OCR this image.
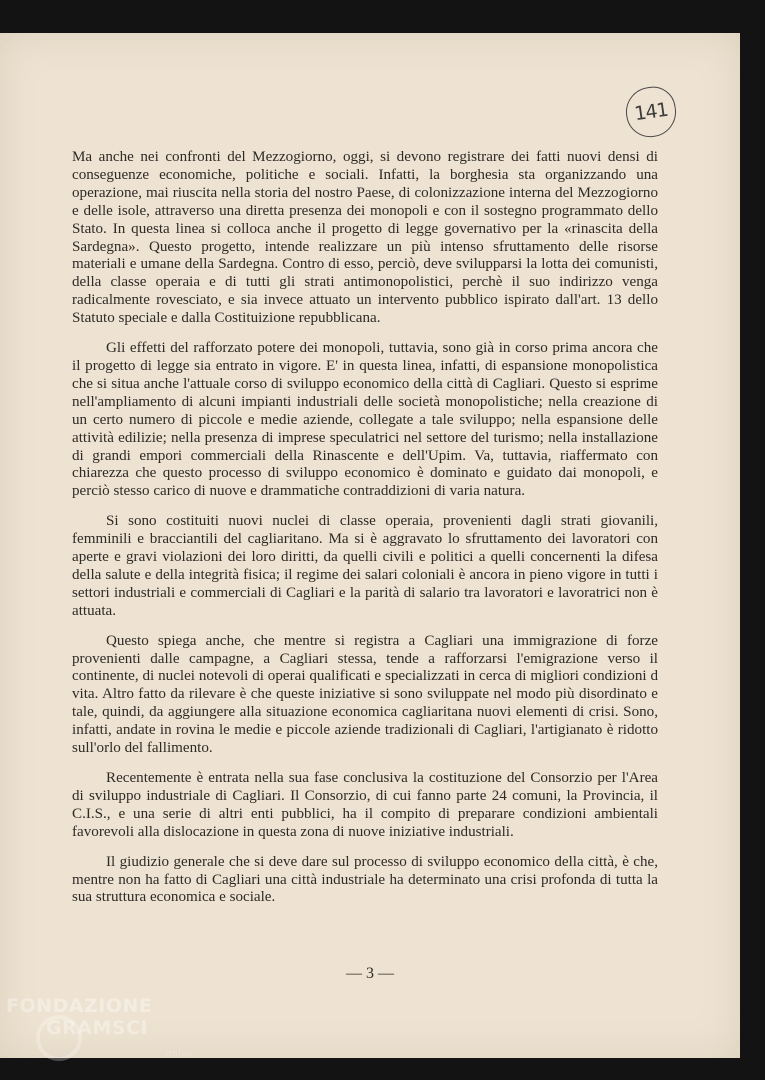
141

Ma anche nei confronti del Mezzogiorno, oggi, si devono registrare dei fatti nuovi densi di conseguenze economiche, politiche e sociali. Infatti, la borghesia sta organizzando una operazione, mai riuscita nella storia del nostro Paese, di colonizzazione interna del Mezzogiorno e delle isole, attraverso una diretta presenza dei monopoli e con il sostegno programmato dello Stato. In questa linea si colloca anche il progetto di legge governativo per la «rinascita della Sardegna». Questo progetto, intende realizzare un più intenso sfruttamento delle risorse materiali e umane della Sardegna. Contro di esso, perciò, deve svilupparsi la lotta dei comunisti, della classe operaia e di tutti gli strati antimonopolistici, perchè il suo indirizzo venga radicalmente rovesciato, e sia invece attuato un intervento pubblico ispirato dall'art. 13 dello Statuto speciale e dalla Costituizione repubblicana.

Gli effetti del rafforzato potere dei monopoli, tuttavia, sono già in corso prima ancora che il progetto di legge sia entrato in vigore. E' in questa linea, infatti, di espansione monopolistica che si situa anche l'attuale corso di sviluppo economico della città di Cagliari. Questo si esprime nell'ampliamento di alcuni impianti industriali delle società monopolistiche; nella creazione di un certo numero di piccole e medie aziende, collegate a tale sviluppo; nella espansione delle attività edilizie; nella presenza di imprese speculatrici nel settore del turismo; nella installazione di grandi empori commerciali della Rinascente e dell'Upim. Va, tuttavia, riaffermato con chiarezza che questo processo di sviluppo economico è dominato e guidato dai monopoli, e perciò stesso carico di nuove e drammatiche contraddizioni di varia natura.

Si sono costituiti nuovi nuclei di classe operaia, provenienti dagli strati giovanili, femminili e bracciantili del cagliaritano. Ma si è aggravato lo sfruttamento dei lavoratori con aperte e gravi violazioni dei loro diritti, da quelli civili e politici a quelli concernenti la difesa della salute e della integrità fisica; il regime dei salari coloniali è ancora in pieno vigore in tutti i settori industriali e commerciali di Cagliari e la parità di salario tra lavoratori e lavoratrici non è attuata.

Questo spiega anche, che mentre si registra a Cagliari una immigrazione di forze provenienti dalle campagne, a Cagliari stessa, tende a rafforzarsi l'emigrazione verso il continente, di nuclei notevoli di operai qualificati e specializzati in cerca di migliori condizioni d vita. Altro fatto da rilevare è che queste iniziative si sono sviluppate nel modo più disordinato e tale, quindi, da aggiungere alla situazione economica cagliaritana nuovi elementi di crisi. Sono, infatti, andate in rovina le medie e piccole aziende tradizionali di Cagliari, l'artigianato è ridotto sull'orlo del fallimento.

Recentemente è entrata nella sua fase conclusiva la costituzione del Consorzio per l'Area di sviluppo industriale di Cagliari. Il Consorzio, di cui fanno parte 24 comuni, la Provincia, il C.I.S., e una serie di altri enti pubblici, ha il compito di preparare condizioni ambientali favorevoli alla dislocazione in questa zona di nuove iniziative industriali.

Il giudizio generale che si deve dare sul processo di sviluppo economico della città, è che, mentre non ha fatto di Cagliari una città industriale ha determinato una crisi profonda di tutta la sua struttura economica e sociale.

— 3 —
FONDAZIONE
GRAMSCI
onlus
